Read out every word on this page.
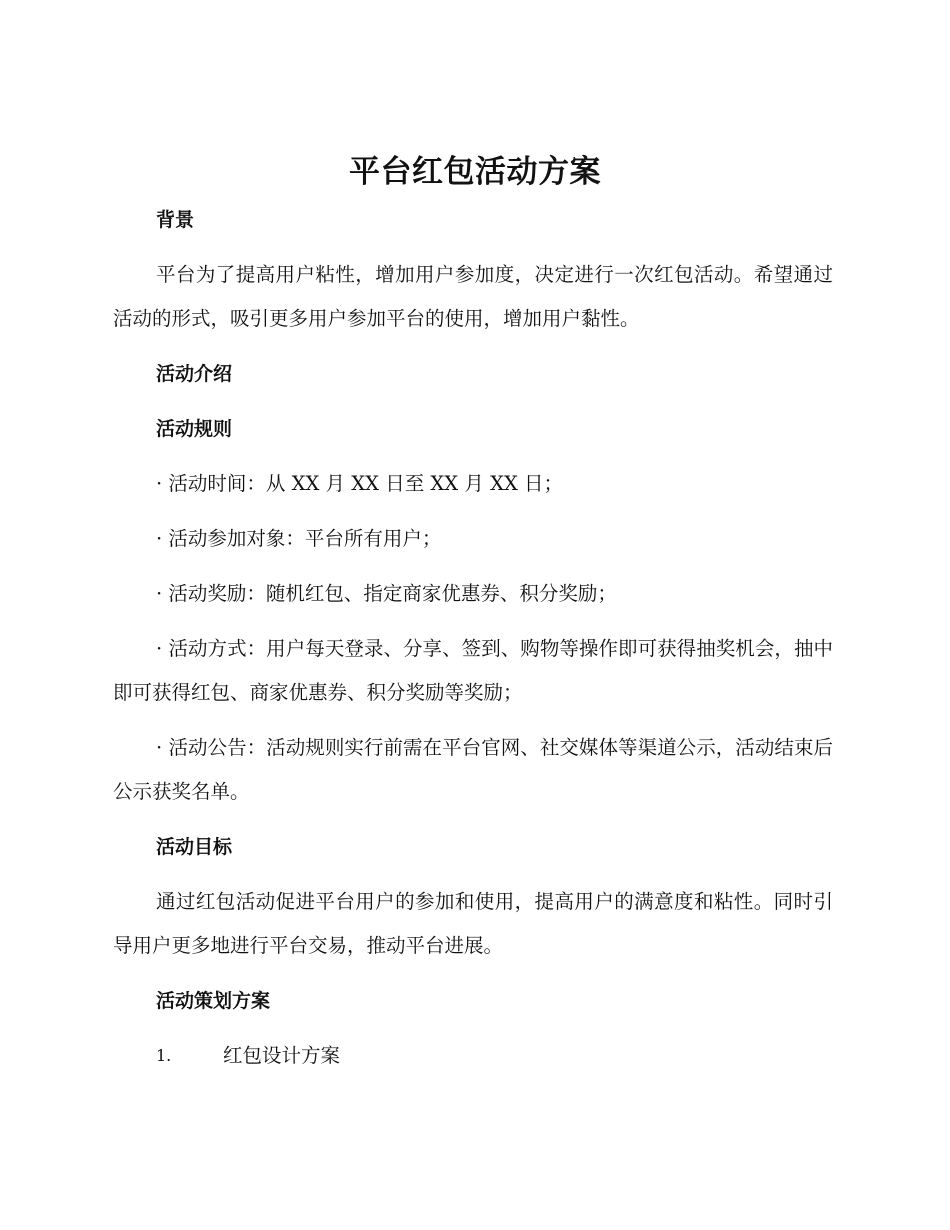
平台红包活动方案
背景

平台为了提高用户粘性，增加用户参加度，决定进行一次红包活动。希望通过活动的形式，吸引更多用户参加平台的使用，增加用户黏性。

活动介绍
活动规则

· 活动时间：从 XX 月 XX 日至 XX 月 XX 日；

· 活动参加对象：平台所有用户；

· 活动奖励：随机红包、指定商家优惠券、积分奖励；

· 活动方式：用户每天登录、分享、签到、购物等操作即可获得抽奖机会，抽中即可获得红包、商家优惠券、积分奖励等奖励；

· 活动公告：活动规则实行前需在平台官网、社交媒体等渠道公示，活动结束后公示获奖名单。

活动目标

通过红包活动促进平台用户的参加和使用，提高用户的满意度和粘性。同时引导用户更多地进行平台交易，推动平台进展。

活动策划方案
1.	红包设计方案
